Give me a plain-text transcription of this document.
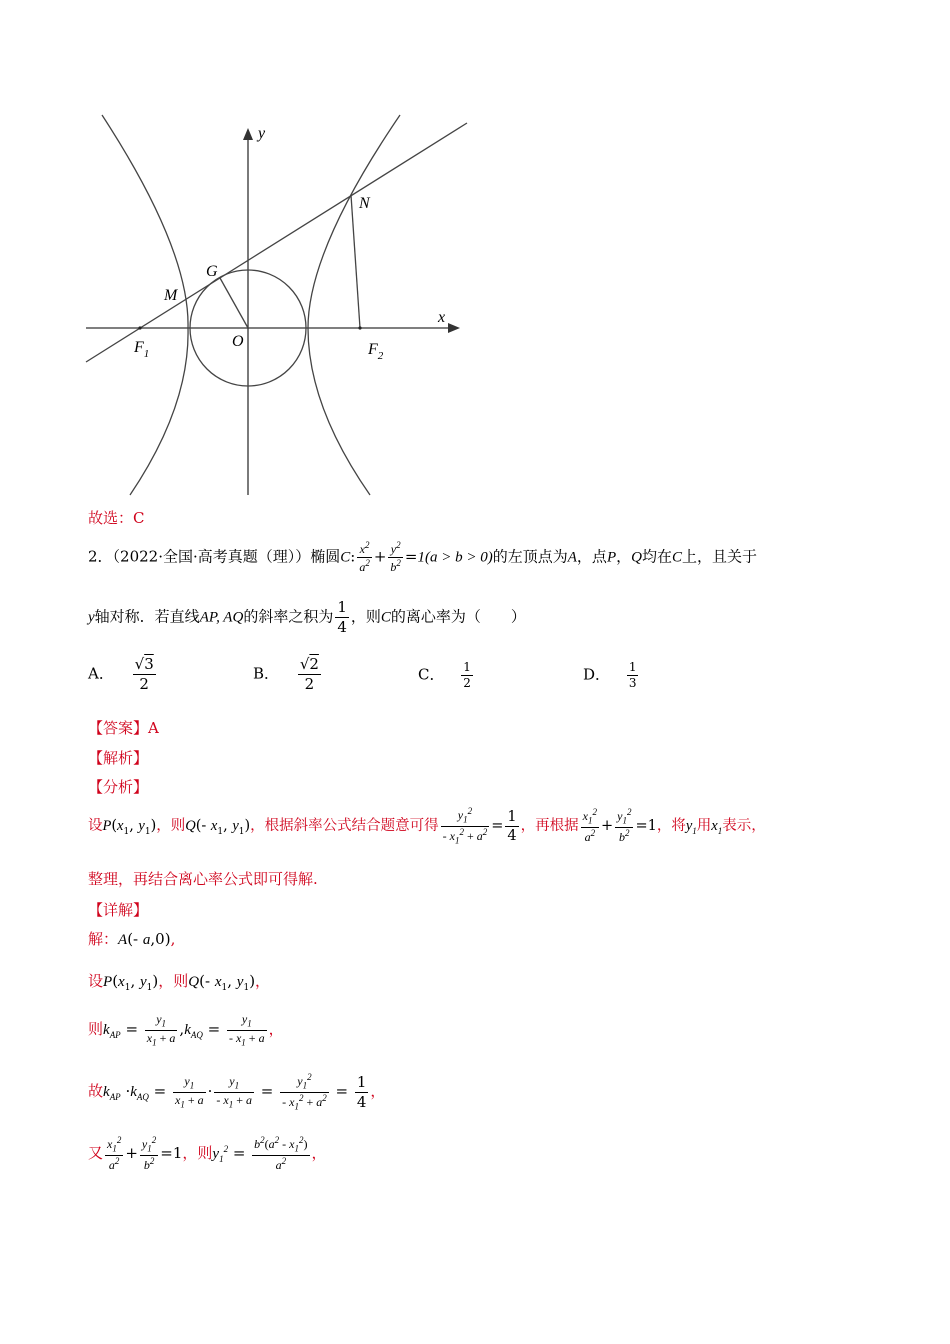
y
x
N
G
M
$F_1$
O	$F_2$
故选：C
2．（2022·全国·高考真题（理））椭圆C: $\frac{x^2}{a^2} + \frac{y^2}{b^2} =1(a > b > 0)$的左顶点为A，点P，Q均在C上，且关于
y轴对称．若直线AP, AQ的斜率之积为 $\frac{1}{4}$ ，则C的离心率为（　　）
A． $\frac{√3}{2}$	B． $\frac{√2}{2}$	C． $\frac{1}{2}$	D． $\frac{1}{3}$
【答案】A
【解析】
【分析】
设$P(x_1$, $y_1$)，则Q(- $x_1$, $y_1$)，根据斜率公式结合题意可得 $\frac{y_1^2}{- x_1^2 + a^2} = \frac{1}{4}$ ，再根据 $\frac{x_1^2}{a^2} + \frac{y_1^2}{b^2} =1$，将$y_1$用$x_1$表示，
整理，再结合离心率公式即可得解.
【详解】
解：A(- a,0),
设$P(x_1$, $y_1$)，则Q(- $x_1$, $y_1$)，
则$k_{AP} = \frac{y_1}{x_1 + a} ,k_{AQ} = \frac{y_1}{- x_1 + a}$ ，
故$k_{AP} \cdot k_{AQ} = \frac{y_1}{x_1 + a} \cdot \frac{y_1}{- x_1 + a} = \frac{y_1^2}{- x_1^2 + a^2} = \frac{1}{4}$ ，
又 $\frac{x_1^2}{a^2} + \frac{y_1^2}{b^2} =1$，则$y_1^2 = \frac{b^2(a^2 - x_1^2)}{a^2}$ ，
